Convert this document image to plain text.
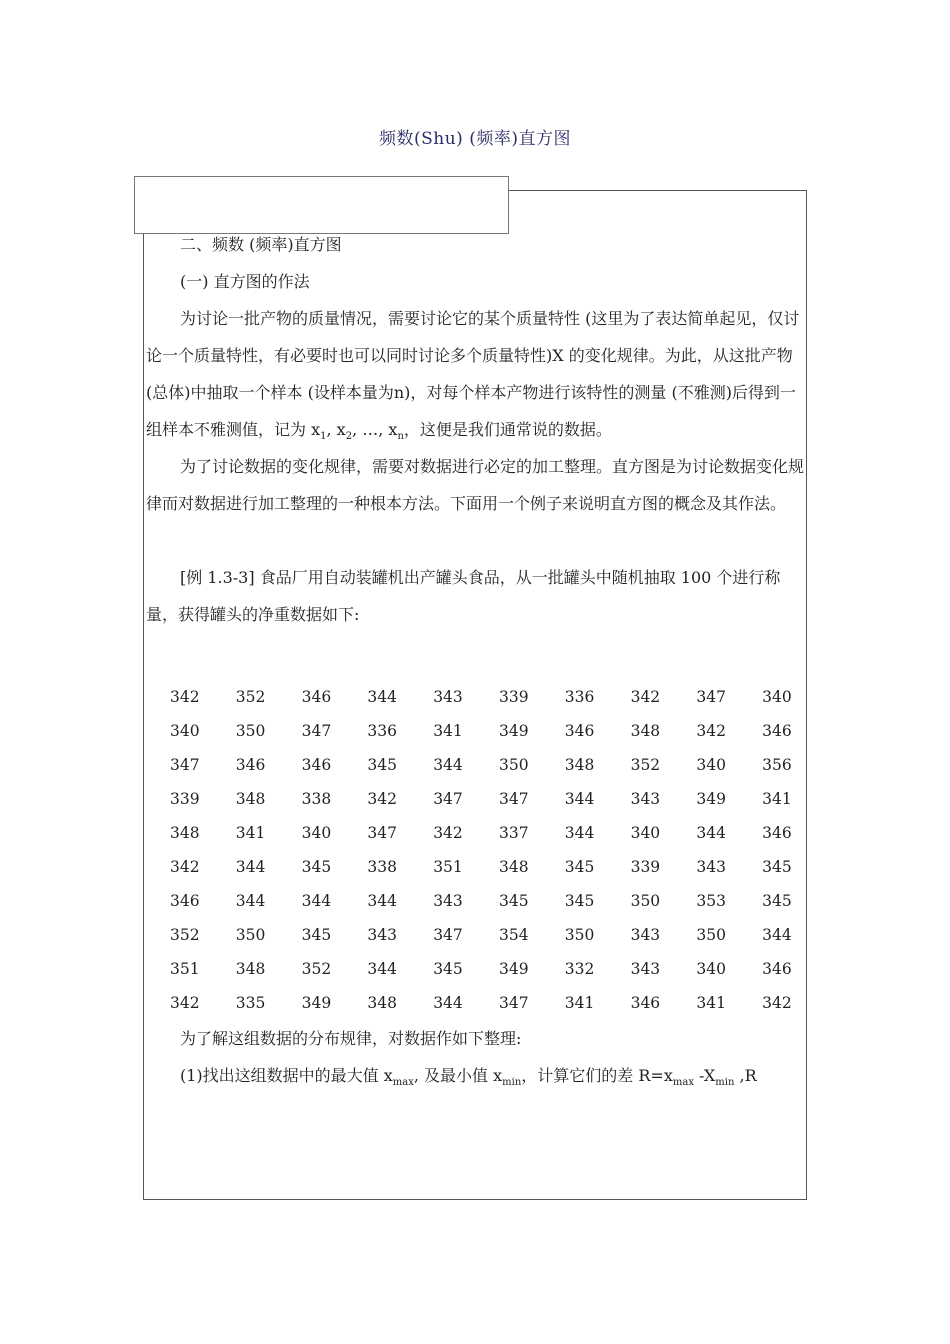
频数(Shu) (频率)直方图

二、频数 (频率)直方图

(一) 直方图的作法

为讨论一批产物的质量情况，需要讨论它的某个质量特性 (这里为了表达简单起见，仅讨论一个质量特性，有必要时也可以同时讨论多个质量特性)X 的变化规律。为此，从这批产物(总体)中抽取一个样本 (设样本量为n)，对每个样本产物进行该特性的测量 (不雅测)后得到一组样本不雅测值，记为 $x_1$, $x_2$, …, $x_n$，这便是我们通常说的数据。

为了讨论数据的变化规律，需要对数据进行必定的加工整理。直方图是为讨论数据变化规律而对数据进行加工整理的一种根本方法。下面用一个例子来说明直方图的概念及其作法。

[例 1.3-3] 食品厂用自动装罐机出产罐头食品，从一批罐头中随机抽取 100 个进行称量，获得罐头的净重数据如下:

342	352	346	344	343	339	336	342	347	340
340	350	347	336	341	349	346	348	342	346
347	346	346	345	344	350	348	352	340	356
339	348	338	342	347	347	344	343	349	341
348	341	340	347	342	337	344	340	344	346
342	344	345	338	351	348	345	339	343	345
346	344	344	344	343	345	345	350	353	345
352	350	345	343	347	354	350	343	350	344
351	348	352	344	345	349	332	343	340	346
342	335	349	348	344	347	341	346	341	342

为了解这组数据的分布规律，对数据作如下整理:

(1)找出这组数据中的最大值 $x_{max}$, 及最小值 $x_{min}$，计算它们的差 $R=x_{max}$ $-X_{min}$ ,R
